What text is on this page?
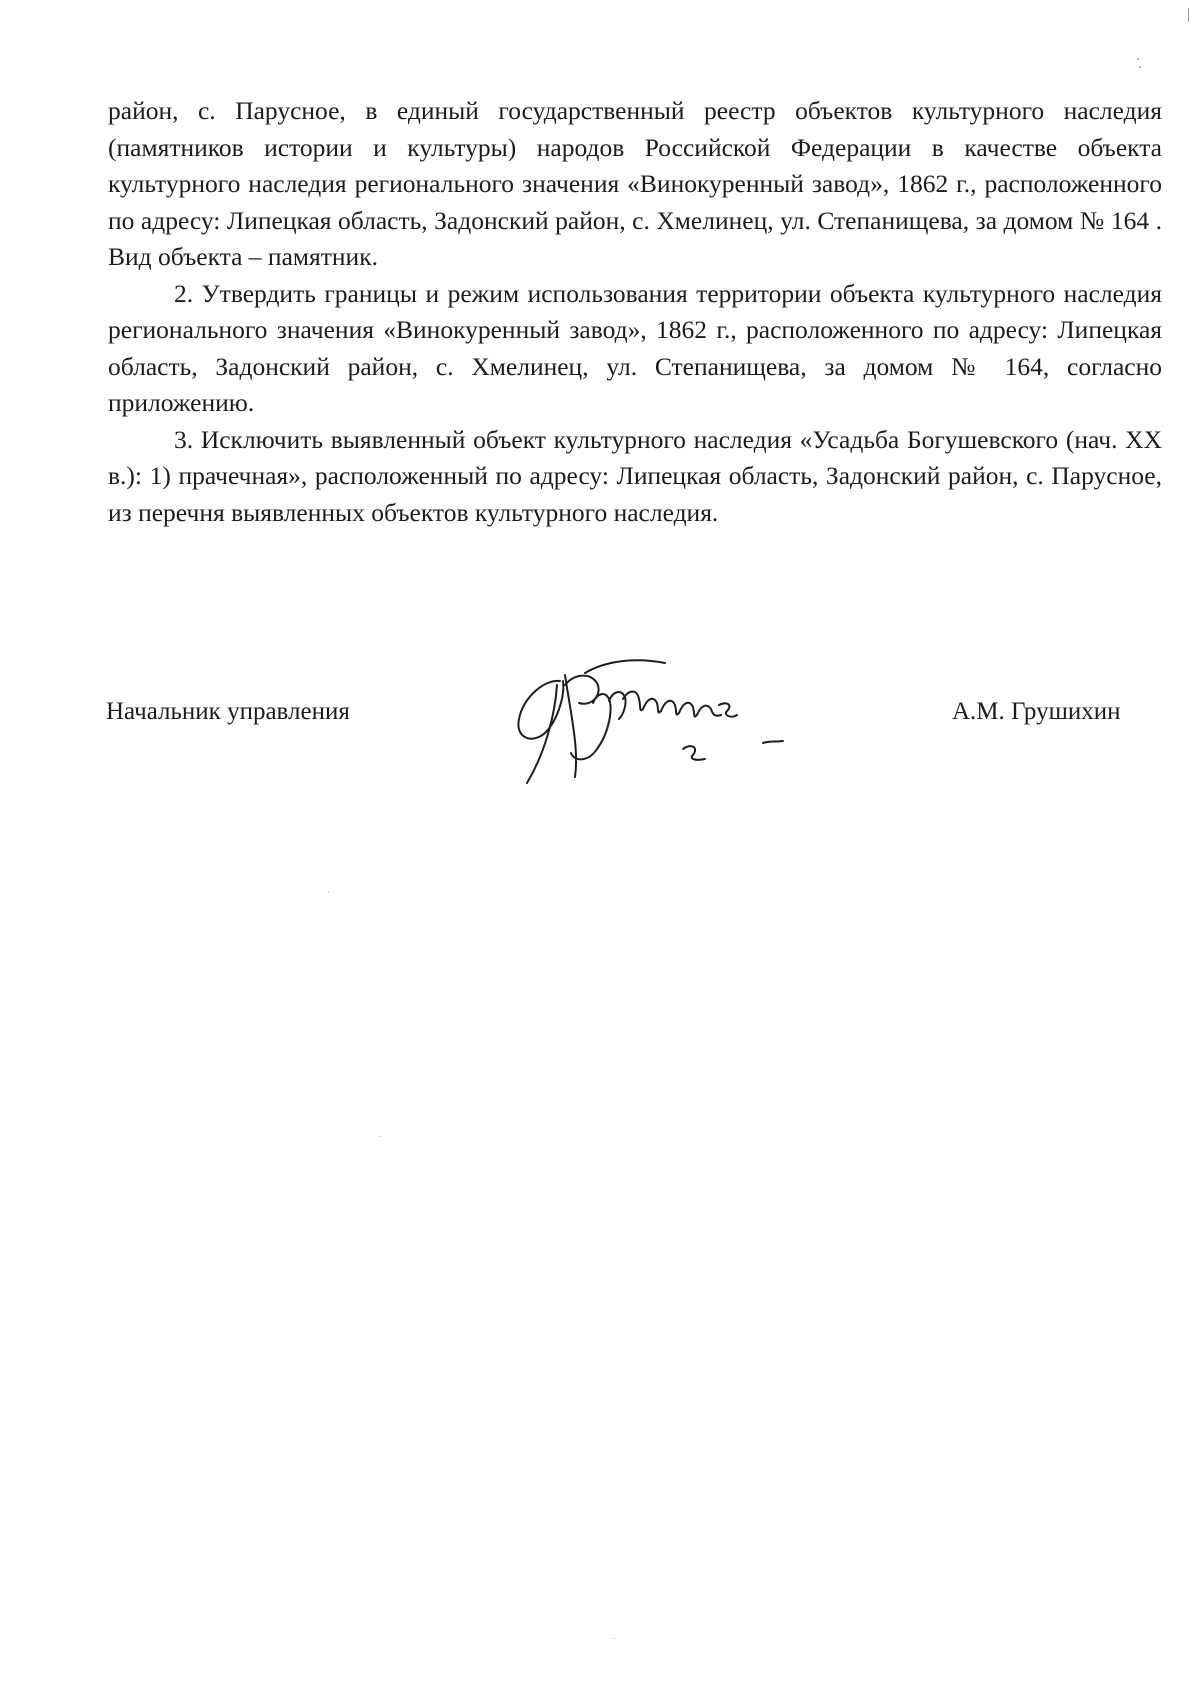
район, с. Парусное, в единый государственный реестр объектов культурного наследия (памятников истории и культуры) народов Российской Федерации в качестве объекта культурного наследия регионального значения «Винокуренный завод», 1862 г., расположенного по адресу: Липецкая область, Задонский район, с. Хмелинец, ул. Степанищева, за домом № 164 . Вид объекта – памятник.

2. Утвердить границы и режим использования территории объекта культурного наследия регионального значения «Винокуренный завод», 1862 г., расположенного по адресу: Липецкая область, Задонский район, с. Хмелинец, ул. Степанищева, за домом № 164, согласно приложению.

3. Исключить выявленный объект культурного наследия «Усадьба Богушевского (нач. XX в.): 1) прачечная», расположенный по адресу: Липецкая область, Задонский район, с. Парусное, из перечня выявленных объектов культурного наследия.

Начальник управления	А.М. Грушихин
